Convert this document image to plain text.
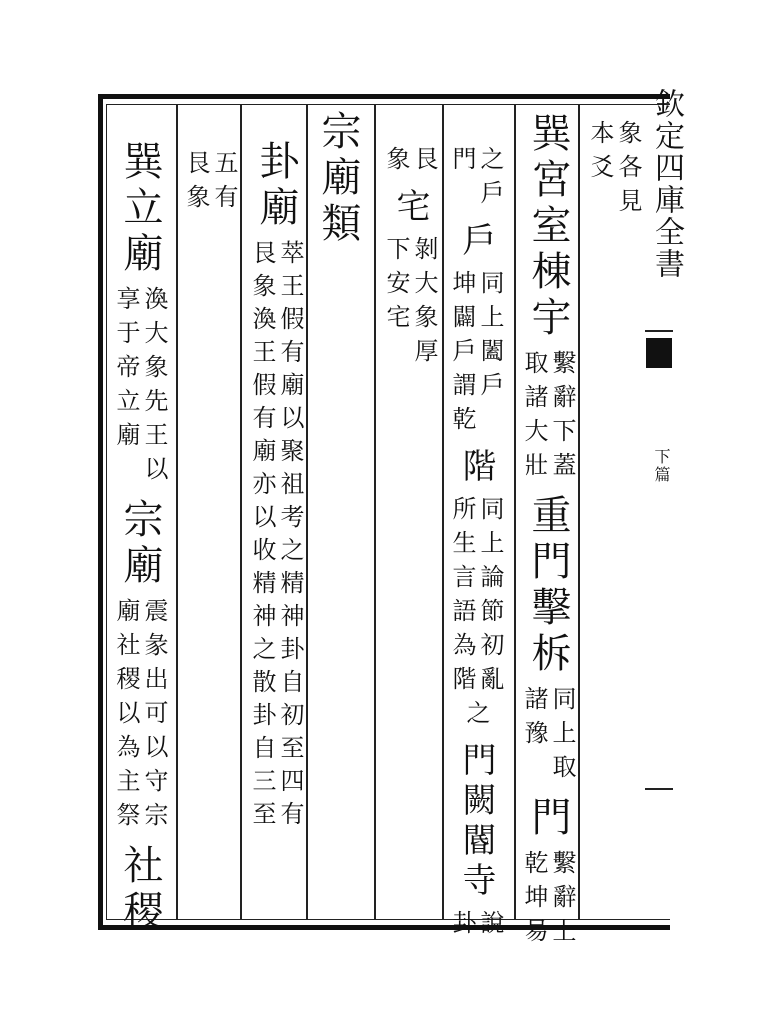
欽定四庫全書
下篇
象各見
本爻
巽宮室棟宇
繫辭下蓋
取諸大壯
重門擊柝
同上取
諸豫
門
繫辭上
乾坤易
之戶
門
戶
同上闔戶
坤闢戶謂乾
階
同上論節初亂
所生言語為階
之
門闕閽寺
說
卦
艮
象
宅
剝大象厚
下安宅
宗廟類
卦廟
萃王假有廟以聚祖考之精神卦自初至四有
艮象渙王假有廟亦以收精神之散卦自三至
五有
艮象
巽立廟
渙大象先王以
享于帝立廟
宗廟
震彖出可以守宗
廟社稷以為主祭
社稷
